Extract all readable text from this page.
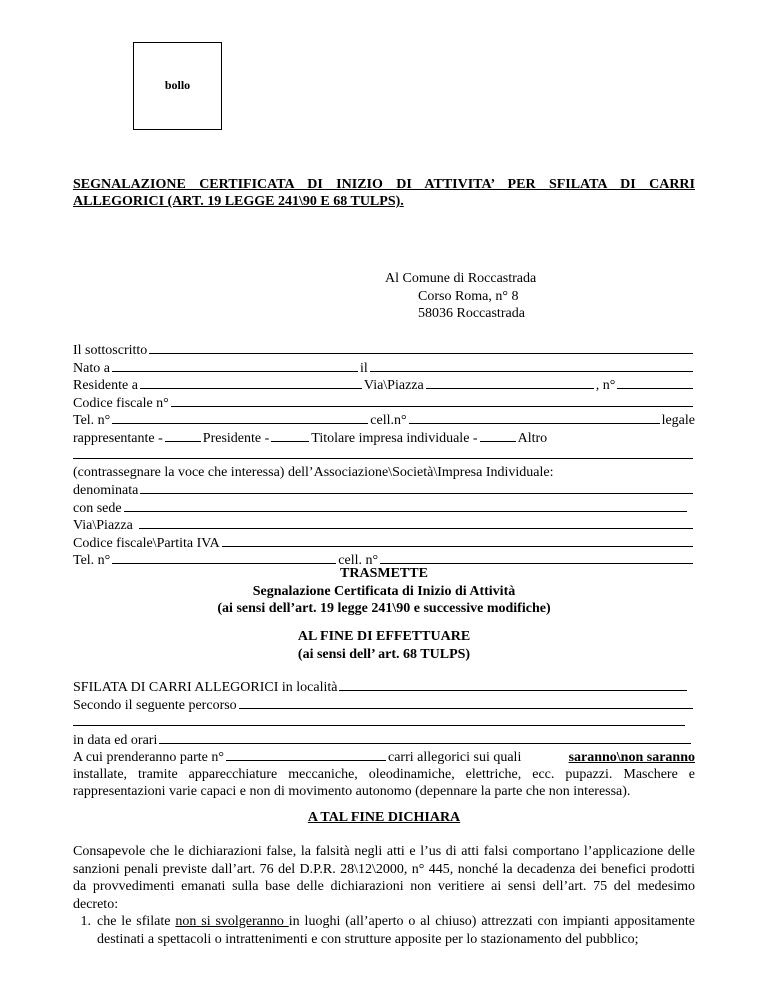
bollo
SEGNALAZIONE CERTIFICATA DI INIZIO DI ATTIVITA’ PER SFILATA DI CARRI ALLEGORICI (ART. 19 LEGGE 241\90 E 68 TULPS).
Al Comune di Roccastrada
Corso Roma, n° 8
58036 Roccastrada
Il sottoscritto
Nato a	il
Residente a	Via\Piazza	, n°
Codice fiscale n°
Tel. n°	cell.n°	legale
rappresentante -	Presidente -	Titolare impresa individuale -	Altro
(contrassegnare la voce che interessa) dell’Associazione\Società\Impresa Individuale:
denominata
con sede
Via\Piazza
Codice fiscale\Partita IVA
Tel. n°	cell. n°
TRASMETTE
Segnalazione Certificata di Inizio di Attività
(ai sensi dell’art. 19 legge 241\90 e successive modifiche)
AL FINE DI EFFETTUARE
(ai sensi dell’ art. 68 TULPS)
SFILATA DI CARRI ALLEGORICI in località
Secondo il seguente percorso
in data ed orari
A cui prenderanno parte n°	carri allegorici sui quali	saranno\non saranno
installate, tramite apparecchiature meccaniche, oleodinamiche, elettriche, ecc. pupazzi. Maschere e rappresentazioni varie capaci e non di movimento autonomo (depennare la parte che non interessa).
A TAL FINE DICHIARA
Consapevole che le dichiarazioni false, la falsità negli atti e l’us di atti falsi comportano l’applicazione delle sanzioni penali previste dall’art. 76 del D.P.R. 28\12\2000, n° 445, nonché la decadenza dei benefici prodotti da provvedimenti emanati sulla base delle dichiarazioni non veritiere ai sensi dell’art. 75 del medesimo decreto:
1. che le sfilate non si svolgeranno in luoghi (all’aperto o al chiuso) attrezzati con impianti appositamente destinati a spettacoli o intrattenimenti e con strutture apposite per lo stazionamento del pubblico;
